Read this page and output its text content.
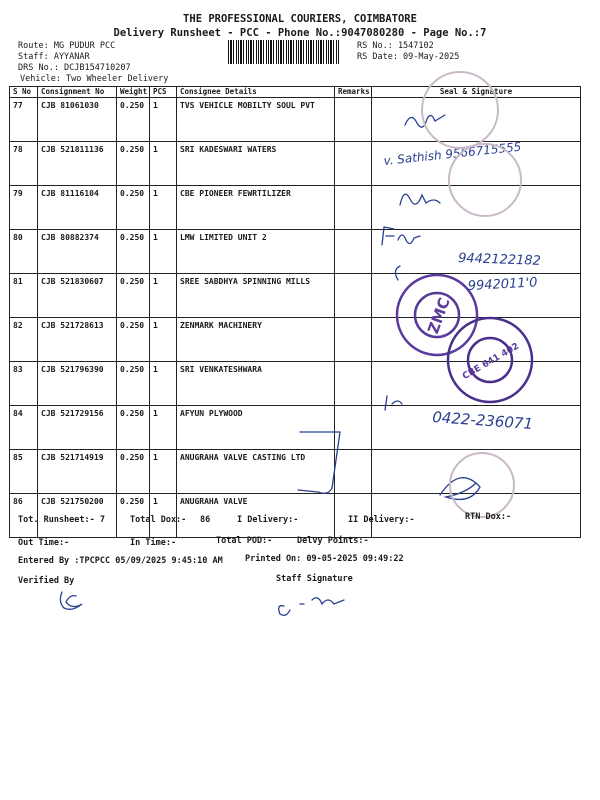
THE PROFESSIONAL COURIERS, COIMBATORE
Delivery Runsheet - PCC - Phone No.:9047080280 - Page No.:7
Route: MG PUDUR PCC
Staff: AYYANAR
DRS No.: DCJB154710207
Vehicle: Two Wheeler Delivery
RS No.: 1547102
RS Date: 09-May-2025
S No	Consignment No	Weight	PCS	Consignee Details	Remarks	Seal & Signature
77	CJB 81061030	0.250	1	TVS VEHICLE MOBILTY SOUL PVT		
78	CJB 521811136	0.250	1	SRI KADESWARI WATERS		
79	CJB 81116104	0.250	1	CBE PIONEER FEWRTILIZER		
80	CJB 80882374	0.250	1	LMW LIMITED UNIT 2		
81	CJB 521830607	0.250	1	SREE SABDHYA SPINNING MILLS		
82	CJB 521728613	0.250	1	ZENMARK MACHINERY		
83	CJB 521796390	0.250	1	SRI VENKATESHWARA		
84	CJB 521729156	0.250	1	AFYUN PLYWOOD		
85	CJB 521714919	0.250	1	ANUGRAHA VALVE CASTING LTD		
86	CJB 521750200	0.250	1	ANUGRAHA VALVE		
v. Sathish 9566715555
9442122182
9942011'0
0422-236071
ZMC
CBE 641 402
Tot. Runsheet:- 7	Total Dox:- 86	I Delivery:-	II Delivery:-	RTN Dox:-
Out Time:-	In Time:-	Total POD:-	Delvy Points:-
Entered By :TPCPCC 05/09/2025 9:45:10 AM	Printed On: 09-05-2025 09:49:22
Verified By	Staff Signature
